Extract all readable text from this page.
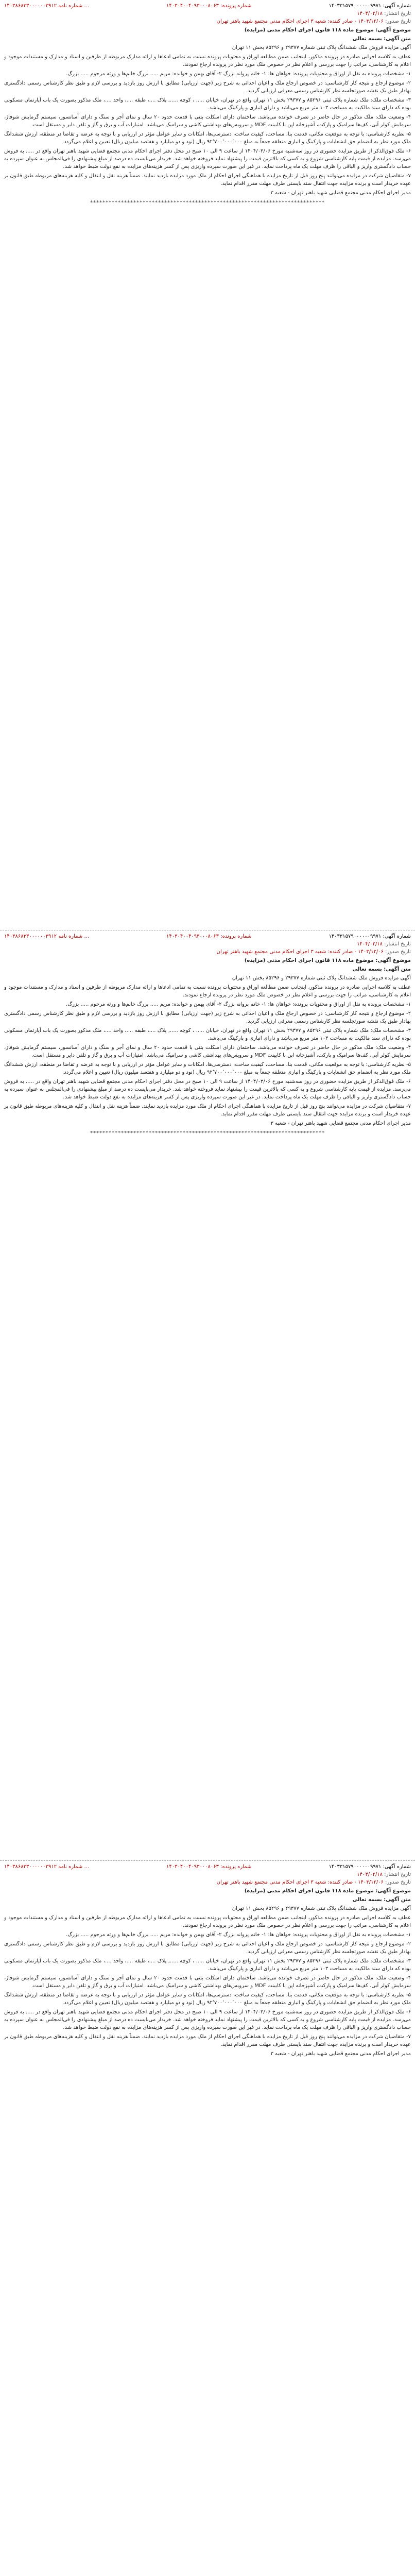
شماره آگهی: ۱۴۰۳۳۱۵۷۹۰۰۰۰۰۰۹۹۷۱
شماره پرونده: ۱۴۰۳۰۴۰۰۴۰۹۳۰۰۰۸۰۶۳
۱۴۰۳۸۶۸۳۳۰۰۰۰۰۰۳۹۱۲ شماره نامه ...
تاریخ انتشار: ۱۴۰۴/۰۲/۱۸
تاریخ صدور: ۱۴۰۳/۱۲/۰۶ - صادر کننده: شعبه ۳ اجرای احکام مدنی مجتمع شهید باهنر تهران
موضوع آگهی: موضوع ماده ۱۱۸ قانون اجرای احکام مدنی (مزایده)
متن آگهی: بسمه تعالی

آگهی مزایده فروش ملک ششدانگ پلاک ثبتی شماره ۲۹۳۷۷ و ۸۵۲۹۶ بخش ۱۱ تهران

عطف به کلاسه اجرایی صادره در پرونده مذکور، اینجانب ضمن مطالعه اوراق و محتویات پرونده نسبت به تمامی ادعاها و ارائه مدارک مربوطه از طرفین و اسناد و مدارک و مستندات موجود و اعلام به کارشناسی، مراتب را جهت بررسی و اعلام نظر در خصوص ملک مورد نظر در پرونده ارجاع نمودند.

۱- مشخصات پرونده به نقل از اوراق و محتویات پرونده: خواهان ها: ۱- خانم پروانه بزرگ ۲- آقای بهمن و خوانده: مریم ..... بزرگ خانم‌ها و ورثه مرحوم ..... بزرگ.

۲- موضوع ارجاع و نتیجه کار کارشناسی: در خصوص ارجاع ملک و اعیان احداثی به شرح زیر (جهت ارزیابی) مطابق با ارزش روز بازدید و بررسی لازم و طبق نظر کارشناس رسمی دادگستری بهادار طبق یک نقشه صورتجلسه نظر کارشناس رسمی معرفی ارزیابی گردید.

۳- مشخصات ملک: ملک شماره پلاک ثبتی ۸۵۲۹۶ و ۲۹۳۷۷ بخش ۱۱ تهران واقع در تهران، خیابان ..... ، کوچه ....., پلاک ....، طبقه ....، واحد ....، ملک مذکور بصورت یک باب آپارتمان مسکونی بوده که دارای سند مالکیت به مساحت ۱۰۳ متر مربع می‌باشد و دارای انباری و پارکینگ می‌باشد.

۴- وضعیت ملک: ملک مذکور در حال حاضر در تصرف خوانده می‌باشد. ساختمان دارای اسکلت بتنی با قدمت حدود ۲۰ سال و نمای آجر و سنگ و دارای آسانسور، سیستم گرمایش شوفاژ، سرمایش کولر آبی، کف‌ها سرامیک و پارکت، آشپزخانه اپن با کابینت MDF و سرویس‌های بهداشتی کاشی و سرامیک می‌باشد. امتیازات آب و برق و گاز و تلفن دایر و مستقل است.

۵- نظریه کارشناسی: با توجه به موقعیت مکانی، قدمت بنا، مساحت، کیفیت ساخت، دسترسی‌ها، امکانات و سایر عوامل مؤثر در ارزیابی و با توجه به عرضه و تقاضا در منطقه، ارزش ششدانگ ملک مورد نظر به انضمام حق انشعابات و پارکینگ و انباری متعلقه جمعاً به مبلغ ۹۲٬۷۰۰٬۰۰۰٬۰۰۰ ریال (نود و دو میلیارد و هفتصد میلیون ریال) تعیین و اعلام می‌گردد.

۶- ملک فوق‌الذکر از طریق مزایده حضوری در روز سه‌شنبه مورخ ۱۴۰۴/۰۳/۰۶ از ساعت ۹ الی ۱۰ صبح در محل دفتر اجرای احکام مدنی مجتمع قضایی شهید باهنر تهران واقع در ..... به فروش می‌رسد. مزایده از قیمت پایه کارشناسی شروع و به کسی که بالاترین قیمت را پیشنهاد نماید فروخته خواهد شد. خریدار می‌بایست ده درصد از مبلغ پیشنهادی را فی‌المجلس به عنوان سپرده به حساب دادگستری واریز و الباقی را ظرف مهلت یک ماه پرداخت نماید. در غیر این صورت سپرده واریزی پس از کسر هزینه‌های مزایده به نفع دولت ضبط خواهد شد.

۷- متقاضیان شرکت در مزایده می‌توانند پنج روز قبل از تاریخ مزایده با هماهنگی اجرای احکام از ملک مورد مزایده بازدید نمایند. ضمناً هزینه نقل و انتقال و کلیه هزینه‌های مربوطه طبق قانون بر عهده خریدار است و برنده مزایده جهت انتقال سند بایستی ظرف مهلت مقرر اقدام نماید.

مدیر اجرای احکام مدنی مجتمع قضایی شهید باهنر تهران - شعبه ۳

****************************************************************************
شماره آگهی: ۱۴۰۳۳۱۵۷۹۰۰۰۰۰۰۹۹۷۱
شماره پرونده: ۱۴۰۳۰۴۰۰۴۰۹۳۰۰۰۸۰۶۳
۱۴۰۳۸۶۸۳۳۰۰۰۰۰۰۳۹۱۲ شماره نامه ...
تاریخ انتشار: ۱۴۰۴/۰۲/۱۸
تاریخ صدور: ۱۴۰۳/۱۲/۰۶ - صادر کننده: شعبه ۳ اجرای احکام مدنی مجتمع شهید باهنر تهران
موضوع آگهی: موضوع ماده ۱۱۸ قانون اجرای احکام مدنی (مزایده)
متن آگهی: بسمه تعالی

آگهی مزایده فروش ملک ششدانگ پلاک ثبتی شماره ۲۹۳۷۷ و ۸۵۲۹۶ بخش ۱۱ تهران

عطف به کلاسه اجرایی صادره در پرونده مذکور، اینجانب ضمن مطالعه اوراق و محتویات پرونده نسبت به تمامی ادعاها و ارائه مدارک مربوطه از طرفین و اسناد و مدارک و مستندات موجود و اعلام به کارشناسی، مراتب را جهت بررسی و اعلام نظر در خصوص ملک مورد نظر در پرونده ارجاع نمودند.

۱- مشخصات پرونده به نقل از اوراق و محتویات پرونده: خواهان ها: ۱- خانم پروانه بزرگ ۲- آقای بهمن و خوانده: مریم ..... بزرگ خانم‌ها و ورثه مرحوم ..... بزرگ.

۲- موضوع ارجاع و نتیجه کار کارشناسی: در خصوص ارجاع ملک و اعیان احداثی به شرح زیر (جهت ارزیابی) مطابق با ارزش روز بازدید و بررسی لازم و طبق نظر کارشناس رسمی دادگستری بهادار طبق یک نقشه صورتجلسه نظر کارشناس رسمی معرفی ارزیابی گردید.

۳- مشخصات ملک: ملک شماره پلاک ثبتی ۸۵۲۹۶ و ۲۹۳۷۷ بخش ۱۱ تهران واقع در تهران، خیابان ..... ، کوچه ....., پلاک ....، طبقه ....، واحد ....، ملک مذکور بصورت یک باب آپارتمان مسکونی بوده که دارای سند مالکیت به مساحت ۱۰۳ متر مربع می‌باشد و دارای انباری و پارکینگ می‌باشد.

۴- وضعیت ملک: ملک مذکور در حال حاضر در تصرف خوانده می‌باشد. ساختمان دارای اسکلت بتنی با قدمت حدود ۲۰ سال و نمای آجر و سنگ و دارای آسانسور، سیستم گرمایش شوفاژ، سرمایش کولر آبی، کف‌ها سرامیک و پارکت، آشپزخانه اپن با کابینت MDF و سرویس‌های بهداشتی کاشی و سرامیک می‌باشد. امتیازات آب و برق و گاز و تلفن دایر و مستقل است.

۵- نظریه کارشناسی: با توجه به موقعیت مکانی، قدمت بنا، مساحت، کیفیت ساخت، دسترسی‌ها، امکانات و سایر عوامل مؤثر در ارزیابی و با توجه به عرضه و تقاضا در منطقه، ارزش ششدانگ ملک مورد نظر به انضمام حق انشعابات و پارکینگ و انباری متعلقه جمعاً به مبلغ ۹۲٬۷۰۰٬۰۰۰٬۰۰۰ ریال (نود و دو میلیارد و هفتصد میلیون ریال) تعیین و اعلام می‌گردد.

۶- ملک فوق‌الذکر از طریق مزایده حضوری در روز سه‌شنبه مورخ ۱۴۰۴/۰۳/۰۶ از ساعت ۹ الی ۱۰ صبح در محل دفتر اجرای احکام مدنی مجتمع قضایی شهید باهنر تهران واقع در ..... به فروش می‌رسد. مزایده از قیمت پایه کارشناسی شروع و به کسی که بالاترین قیمت را پیشنهاد نماید فروخته خواهد شد. خریدار می‌بایست ده درصد از مبلغ پیشنهادی را فی‌المجلس به عنوان سپرده به حساب دادگستری واریز و الباقی را ظرف مهلت یک ماه پرداخت نماید. در غیر این صورت سپرده واریزی پس از کسر هزینه‌های مزایده به نفع دولت ضبط خواهد شد.

۷- متقاضیان شرکت در مزایده می‌توانند پنج روز قبل از تاریخ مزایده با هماهنگی اجرای احکام از ملک مورد مزایده بازدید نمایند. ضمناً هزینه نقل و انتقال و کلیه هزینه‌های مربوطه طبق قانون بر عهده خریدار است و برنده مزایده جهت انتقال سند بایستی ظرف مهلت مقرر اقدام نماید.

مدیر اجرای احکام مدنی مجتمع قضایی شهید باهنر تهران - شعبه ۳

****************************************************************************
شماره آگهی: ۱۴۰۳۳۱۵۷۹۰۰۰۰۰۰۹۹۷۱
شماره پرونده: ۱۴۰۳۰۴۰۰۴۰۹۳۰۰۰۸۰۶۳
۱۴۰۳۸۶۸۳۳۰۰۰۰۰۰۳۹۱۲ شماره نامه ...
تاریخ انتشار: ۱۴۰۴/۰۲/۱۸
تاریخ صدور: ۱۴۰۳/۱۲/۰۶ - صادر کننده: شعبه ۳ اجرای احکام مدنی مجتمع شهید باهنر تهران
موضوع آگهی: موضوع ماده ۱۱۸ قانون اجرای احکام مدنی (مزایده)
متن آگهی: بسمه تعالی

آگهی مزایده فروش ملک ششدانگ پلاک ثبتی شماره ۲۹۳۷۷ و ۸۵۲۹۶ بخش ۱۱ تهران

عطف به کلاسه اجرایی صادره در پرونده مذکور، اینجانب ضمن مطالعه اوراق و محتویات پرونده نسبت به تمامی ادعاها و ارائه مدارک مربوطه از طرفین و اسناد و مدارک و مستندات موجود و اعلام به کارشناسی، مراتب را جهت بررسی و اعلام نظر در خصوص ملک مورد نظر در پرونده ارجاع نمودند.

۱- مشخصات پرونده به نقل از اوراق و محتویات پرونده: خواهان ها: ۱- خانم پروانه بزرگ ۲- آقای بهمن و خوانده: مریم ..... بزرگ خانم‌ها و ورثه مرحوم ..... بزرگ.

۲- موضوع ارجاع و نتیجه کار کارشناسی: در خصوص ارجاع ملک و اعیان احداثی به شرح زیر (جهت ارزیابی) مطابق با ارزش روز بازدید و بررسی لازم و طبق نظر کارشناس رسمی دادگستری بهادار طبق یک نقشه صورتجلسه نظر کارشناس رسمی معرفی ارزیابی گردید.

۳- مشخصات ملک: ملک شماره پلاک ثبتی ۸۵۲۹۶ و ۲۹۳۷۷ بخش ۱۱ تهران واقع در تهران، خیابان ..... ، کوچه ....., پلاک ....، طبقه ....، واحد ....، ملک مذکور بصورت یک باب آپارتمان مسکونی بوده که دارای سند مالکیت به مساحت ۱۰۳ متر مربع می‌باشد و دارای انباری و پارکینگ می‌باشد.

۴- وضعیت ملک: ملک مذکور در حال حاضر در تصرف خوانده می‌باشد. ساختمان دارای اسکلت بتنی با قدمت حدود ۲۰ سال و نمای آجر و سنگ و دارای آسانسور، سیستم گرمایش شوفاژ، سرمایش کولر آبی، کف‌ها سرامیک و پارکت، آشپزخانه اپن با کابینت MDF و سرویس‌های بهداشتی کاشی و سرامیک می‌باشد. امتیازات آب و برق و گاز و تلفن دایر و مستقل است.

۵- نظریه کارشناسی: با توجه به موقعیت مکانی، قدمت بنا، مساحت، کیفیت ساخت، دسترسی‌ها، امکانات و سایر عوامل مؤثر در ارزیابی و با توجه به عرضه و تقاضا در منطقه، ارزش ششدانگ ملک مورد نظر به انضمام حق انشعابات و پارکینگ و انباری متعلقه جمعاً به مبلغ ۹۲٬۷۰۰٬۰۰۰٬۰۰۰ ریال (نود و دو میلیارد و هفتصد میلیون ریال) تعیین و اعلام می‌گردد.

۶- ملک فوق‌الذکر از طریق مزایده حضوری در روز سه‌شنبه مورخ ۱۴۰۴/۰۳/۰۶ از ساعت ۹ الی ۱۰ صبح در محل دفتر اجرای احکام مدنی مجتمع قضایی شهید باهنر تهران واقع در ..... به فروش می‌رسد. مزایده از قیمت پایه کارشناسی شروع و به کسی که بالاترین قیمت را پیشنهاد نماید فروخته خواهد شد. خریدار می‌بایست ده درصد از مبلغ پیشنهادی را فی‌المجلس به عنوان سپرده به حساب دادگستری واریز و الباقی را ظرف مهلت یک ماه پرداخت نماید. در غیر این صورت سپرده واریزی پس از کسر هزینه‌های مزایده به نفع دولت ضبط خواهد شد.

۷- متقاضیان شرکت در مزایده می‌توانند پنج روز قبل از تاریخ مزایده با هماهنگی اجرای احکام از ملک مورد مزایده بازدید نمایند. ضمناً هزینه نقل و انتقال و کلیه هزینه‌های مربوطه طبق قانون بر عهده خریدار است و برنده مزایده جهت انتقال سند بایستی ظرف مهلت مقرر اقدام نماید.

مدیر اجرای احکام مدنی مجتمع قضایی شهید باهنر تهران - شعبه ۳
